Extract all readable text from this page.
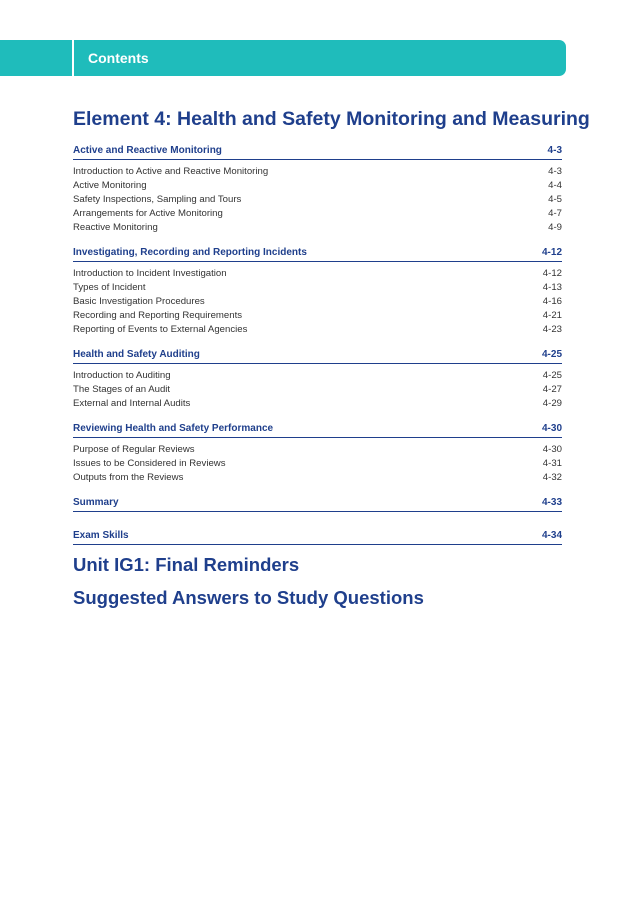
Contents
Element 4: Health and Safety Monitoring and Measuring
Active and Reactive Monitoring	4-3
Introduction to Active and Reactive Monitoring	4-3
Active Monitoring	4-4
Safety Inspections, Sampling and Tours	4-5
Arrangements for Active Monitoring	4-7
Reactive Monitoring	4-9
Investigating, Recording and Reporting Incidents	4-12
Introduction to Incident Investigation	4-12
Types of Incident	4-13
Basic Investigation Procedures	4-16
Recording and Reporting Requirements	4-21
Reporting of Events to External Agencies	4-23
Health and Safety Auditing	4-25
Introduction to Auditing	4-25
The Stages of an Audit	4-27
External and Internal Audits	4-29
Reviewing Health and Safety Performance	4-30
Purpose of Regular Reviews	4-30
Issues to be Considered in Reviews	4-31
Outputs from the Reviews	4-32
Summary	4-33
Exam Skills	4-34
Unit IG1: Final Reminders
Suggested Answers to Study Questions
